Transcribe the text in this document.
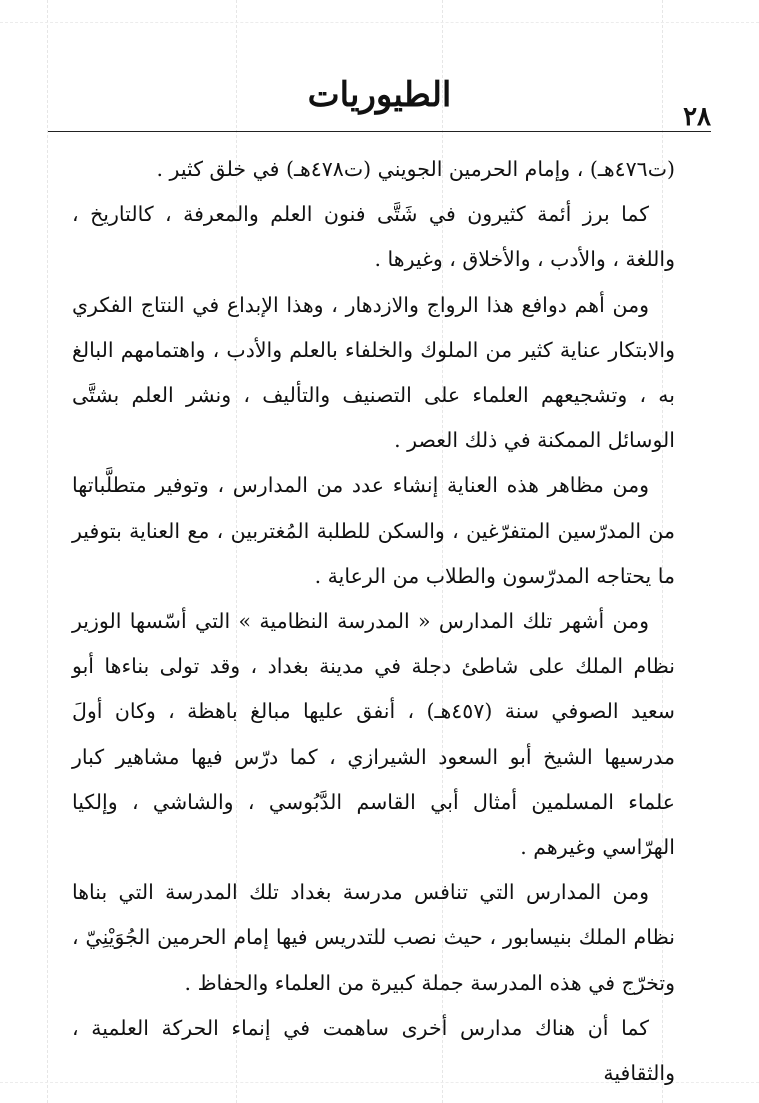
٢٨
الطيوريات

(ت٤٧٦هـ) ، وإمام الحرمين الجويني (ت٤٧٨هـ) في خلق كثير .

كما برز أئمة كثيرون في شَتَّى فنون العلم والمعرفة ، كالتاريخ ، واللغة ، والأدب ، والأخلاق ، وغيرها .

ومن أهم دوافع هذا الرواج والازدهار ، وهذا الإبداع في النتاج الفكري والابتكار عناية كثير من الملوك والخلفاء بالعلم والأدب ، واهتمامهم البالغ به ، وتشجيعهم العلماء على التصنيف والتأليف ، ونشر العلم بشتَّى الوسائل الممكنة في ذلك العصر .

ومن مظاهر هذه العناية إنشاء عدد من المدارس ، وتوفير متطلَّباتها من المدرّسين المتفرّغين ، والسكن للطلبة المُغتربين ، مع العناية بتوفير ما يحتاجه المدرّسون والطلاب من الرعاية .

ومن أشهر تلك المدارس « المدرسة النظامية » التي أسّسها الوزير نظام الملك على شاطئ دجلة في مدينة بغداد ، وقد تولى بناءها أبو سعيد الصوفي سنة (٤٥٧هـ) ، أنفق عليها مبالغ باهظة ، وكان أولَ مدرسيها الشيخ أبو السعود الشيرازي ، كما درّس فيها مشاهير كبار علماء المسلمين أمثال أبي القاسم الدَّبُوسي ، والشاشي ، وإلكيا الهرّاسي وغيرهم .

ومن المدارس التي تنافس مدرسة بغداد تلك المدرسة التي بناها نظام الملك بنيسابور ، حيث نصب للتدريس فيها إمام الحرمين الجُوَيْنِيّ ، وتخرّج في هذه المدرسة جملة كبيرة من العلماء والحفاظ .

كما أن هناك مدارس أخرى ساهمت في إنماء الحركة العلمية ، والثقافية
